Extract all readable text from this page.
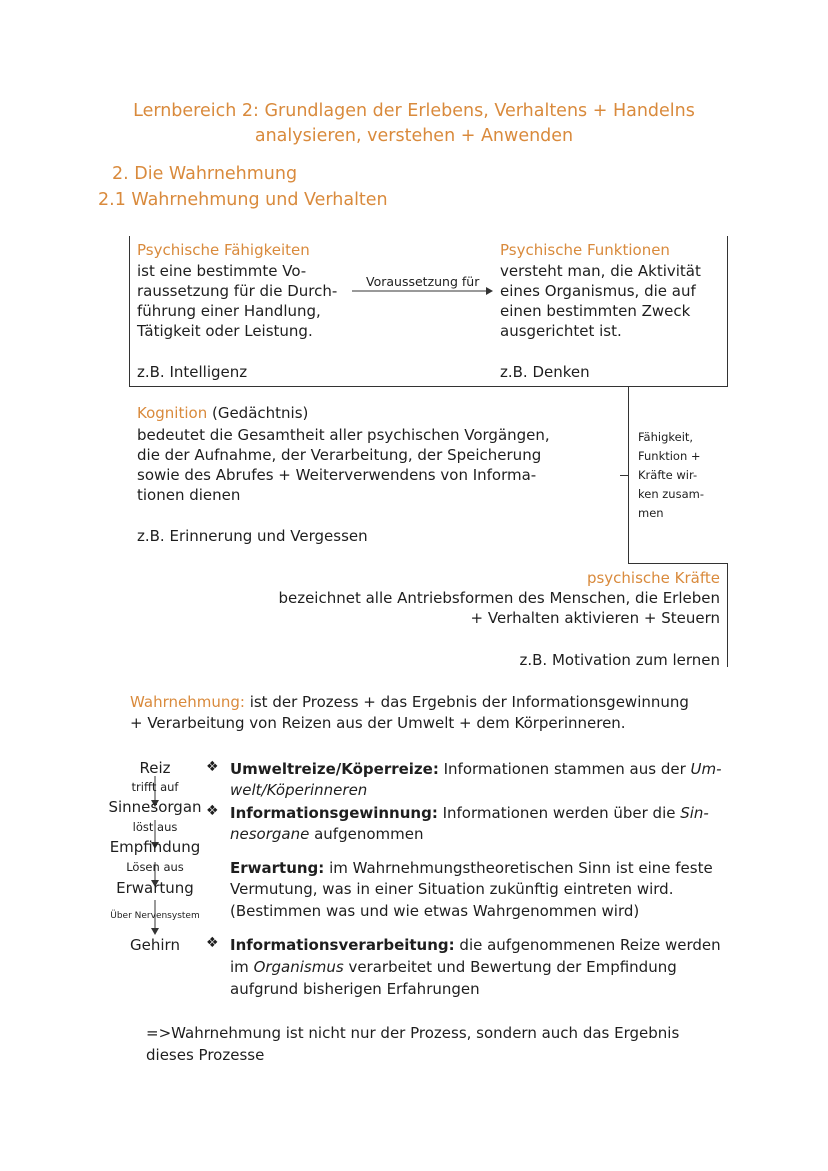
Lernbereich 2: Grundlagen der Erlebens, Verhaltens + Handelns
analysieren, verstehen + Anwenden
2. Die Wahrnehmung
2.1 Wahrnehmung und Verhalten
Psychische Fähigkeiten
ist eine bestimmte Vo-
raussetzung für die Durch-
führung einer Handlung,
Tätigkeit oder Leistung.
z.B. Intelligenz
Voraussetzung für
Psychische Funktionen
versteht man, die Aktivität
eines Organismus, die auf
einen bestimmten Zweck
ausgerichtet ist.
z.B. Denken
Kognition (Gedächtnis)
bedeutet die Gesamtheit aller psychischen Vorgängen,
die der Aufnahme, der Verarbeitung, der Speicherung
sowie des Abrufes + Weiterverwendens von Informa-
tionen dienen
z.B. Erinnerung und Vergessen
Fähigkeit,
Funktion +
Kräfte wir-
ken zusam-
men
psychische Kräfte
bezeichnet alle Antriebsformen des Menschen, die Erleben
+ Verhalten aktivieren + Steuern
z.B. Motivation zum lernen
Wahrnehmung: ist der Prozess + das Ergebnis der Informationsgewinnung
+ Verarbeitung von Reizen aus der Umwelt + dem Körperinneren.
Reiz
trifft auf
Sinnesorgan
löst aus
Empfindung
Lösen aus
Erwartung
Über Nervensystem
Gehirn
❖ Umweltreize/Köperreize: Informationen stammen aus der Um-
welt/Köperinneren
❖ Informationsgewinnung: Informationen werden über die Sin-
nesorgane aufgenommen
Erwartung: im Wahrnehmungstheoretischen Sinn ist eine feste
Vermutung, was in einer Situation zukünftig eintreten wird.
(Bestimmen was und wie etwas Wahrgenommen wird)
❖ Informationsverarbeitung: die aufgenommenen Reize werden
im Organismus verarbeitet und Bewertung der Empfindung
aufgrund bisherigen Erfahrungen
=>Wahrnehmung ist nicht nur der Prozess, sondern auch das Ergebnis
dieses Prozesse
